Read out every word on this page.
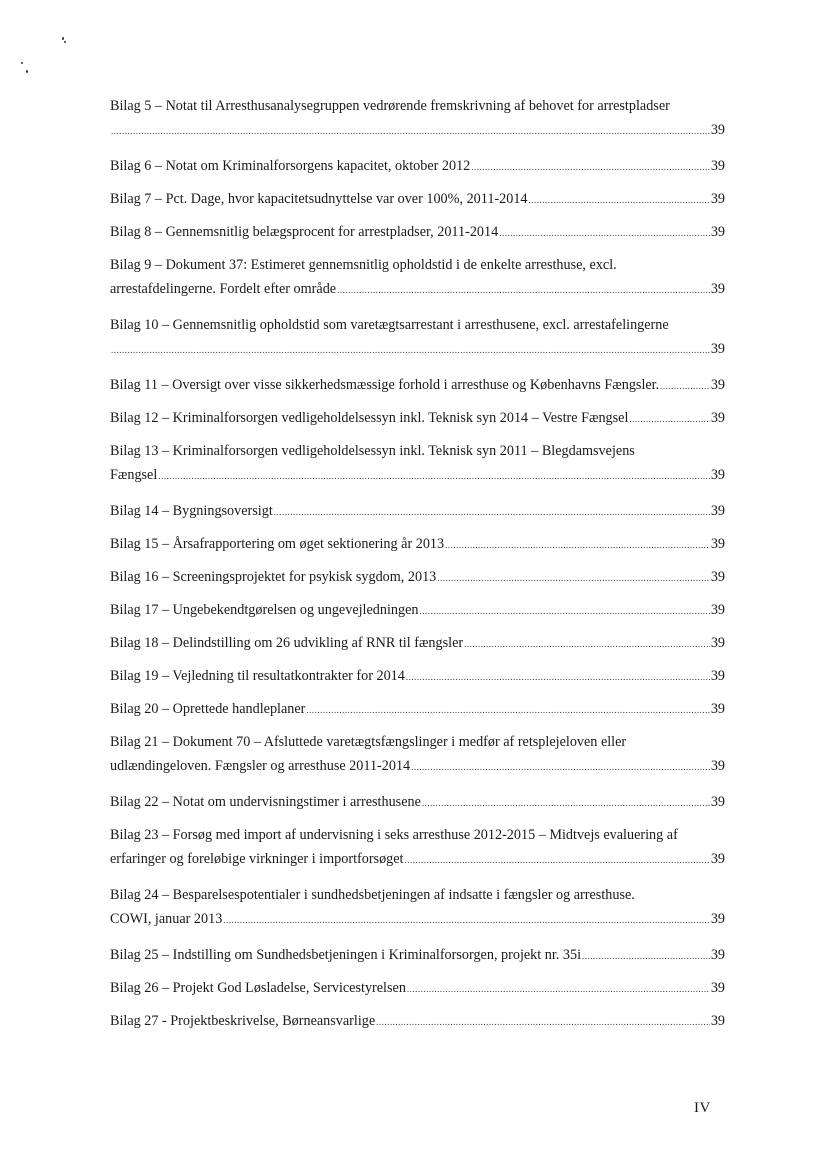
Bilag 5 – Notat til Arresthusanalysegruppen vedrørende fremskrivning af behovet for arrestpladser
.....
39
Bilag 6 – Notat om Kriminalforsorgens kapacitet, oktober 2012 .....	39
Bilag 7 – Pct. Dage, hvor kapacitetsudnyttelse var over 100%, 2011-2014 .....	39
Bilag 8 – Gennemsnitlig belægsprocent for arrestpladser, 2011-2014 .....	39
Bilag 9 – Dokument 37: Estimeret gennemsnitlig opholdstid i de enkelte arresthuse, excl.
arrestafdelingerne. Fordelt efter område .....	39
Bilag 10 – Gennemsnitlig opholdstid som varetægtsarrestant i arresthusene, excl. arrestafelingerne
.....
39
Bilag 11 – Oversigt over visse sikkerhedsmæssige forhold i arresthuse og Københavns Fængsler. .....	39
Bilag 12 – Kriminalforsorgen vedligeholdelsessyn inkl. Teknisk syn 2014 – Vestre Fængsel .....	39
Bilag 13 – Kriminalforsorgen vedligeholdelsessyn inkl. Teknisk syn 2011 – Blegdamsvejens
Fængsel .....	39
Bilag 14 – Bygningsoversigt .....	39
Bilag 15 – Årsafrapportering om øget sektionering år 2013 .....	39
Bilag 16 – Screeningsprojektet for psykisk sygdom, 2013 .....	39
Bilag 17 – Ungebekendtgørelsen og ungevejledningen .....	39
Bilag 18 – Delindstilling om 26 udvikling af RNR til fængsler .....	39
Bilag 19 – Vejledning til resultatkontrakter for 2014 .....	39
Bilag 20 – Oprettede handleplaner .....	39
Bilag 21 – Dokument 70 – Afsluttede varetægtsfængslinger i medfør af retsplejeloven eller
udlændingeloven. Fængsler og arresthuse 2011-2014 .....	39
Bilag 22 – Notat om undervisningstimer i arresthusene .....	39
Bilag 23 – Forsøg med import af undervisning i seks arresthuse 2012-2015 – Midtvejs evaluering af
erfaringer og foreløbige virkninger i importforsøget .....	39
Bilag 24 – Besparelsespotentialer i sundhedsbetjeningen af indsatte i fængsler og arresthuse.
COWI, januar 2013 .....	39
Bilag 25 – Indstilling om Sundhedsbetjeningen i Kriminalforsorgen, projekt nr. 35i .....	39
Bilag 26 – Projekt God Løsladelse, Servicestyrelsen .....	39
Bilag 27 - Projektbeskrivelse, Børneansvarlige .....	39
IV
